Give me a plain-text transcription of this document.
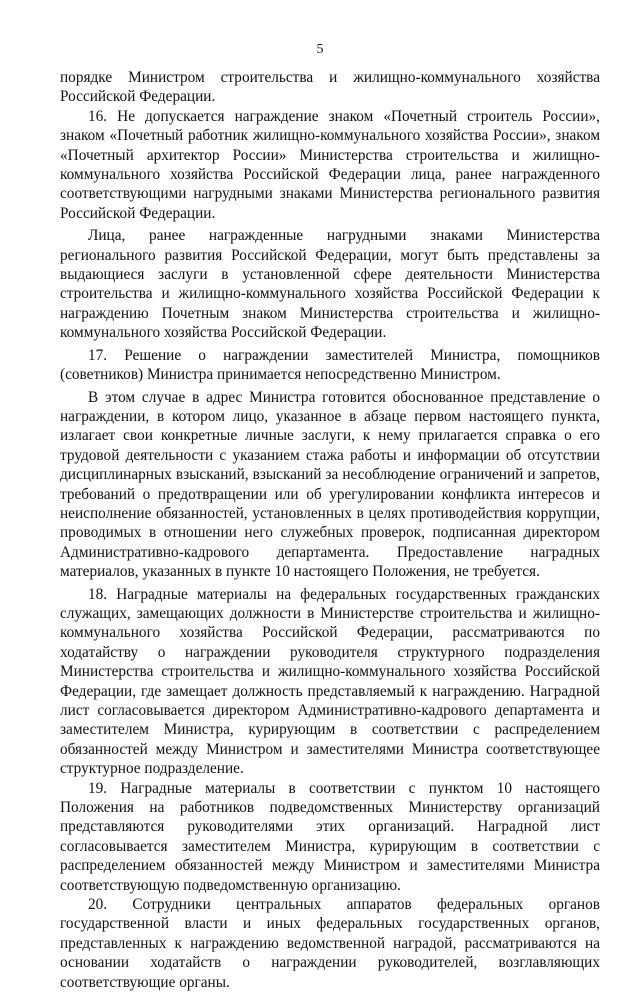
5

порядке Министром строительства и жилищно-коммунального хозяйства Российской Федерации.

16. Не допускается награждение знаком «Почетный строитель России», знаком «Почетный работник жилищно-коммунального хозяйства России», знаком «Почетный архитектор России» Министерства строительства и жилищно-коммунального хозяйства Российской Федерации лица, ранее награжденного соответствующими нагрудными знаками Министерства регионального развития Российской Федерации.

Лица, ранее награжденные нагрудными знаками Министерства регионального развития Российской Федерации, могут быть представлены за выдающиеся заслуги в установленной сфере деятельности Министерства строительства и жилищно-коммунального хозяйства Российской Федерации к награждению Почетным знаком Министерства строительства и жилищно-коммунального хозяйства Российской Федерации.

17. Решение о награждении заместителей Министра, помощников (советников) Министра принимается непосредственно Министром.

В этом случае в адрес Министра готовится обоснованное представление о награждении, в котором лицо, указанное в абзаце первом настоящего пункта, излагает свои конкретные личные заслуги, к нему прилагается справка о его трудовой деятельности с указанием стажа работы и информации об отсутствии дисциплинарных взысканий, взысканий за несоблюдение ограничений и запретов, требований о предотвращении или об урегулировании конфликта интересов и неисполнение обязанностей, установленных в целях противодействия коррупции, проводимых в отношении него служебных проверок, подписанная директором Административно-кадрового департамента. Предоставление наградных материалов, указанных в пункте 10 настоящего Положения, не требуется.

18. Наградные материалы на федеральных государственных гражданских служащих, замещающих должности в Министерстве строительства и жилищно-коммунального хозяйства Российской Федерации, рассматриваются по ходатайству о награждении руководителя структурного подразделения Министерства строительства и жилищно-коммунального хозяйства Российской Федерации, где замещает должность представляемый к награждению. Наградной лист согласовывается директором Административно-кадрового департамента и заместителем Министра, курирующим в соответствии с распределением обязанностей между Министром и заместителями Министра соответствующее структурное подразделение.

19. Наградные материалы в соответствии с пунктом 10 настоящего Положения на работников подведомственных Министерству организаций представляются руководителями этих организаций. Наградной лист согласовывается заместителем Министра, курирующим в соответствии с распределением обязанностей между Министром и заместителями Министра соответствующую подведомственную организацию.

20. Сотрудники центральных аппаратов федеральных органов государственной власти и иных федеральных государственных органов, представленных к награждению ведомственной наградой, рассматриваются на основании ходатайств о награждении руководителей, возглавляющих соответствующие органы.
